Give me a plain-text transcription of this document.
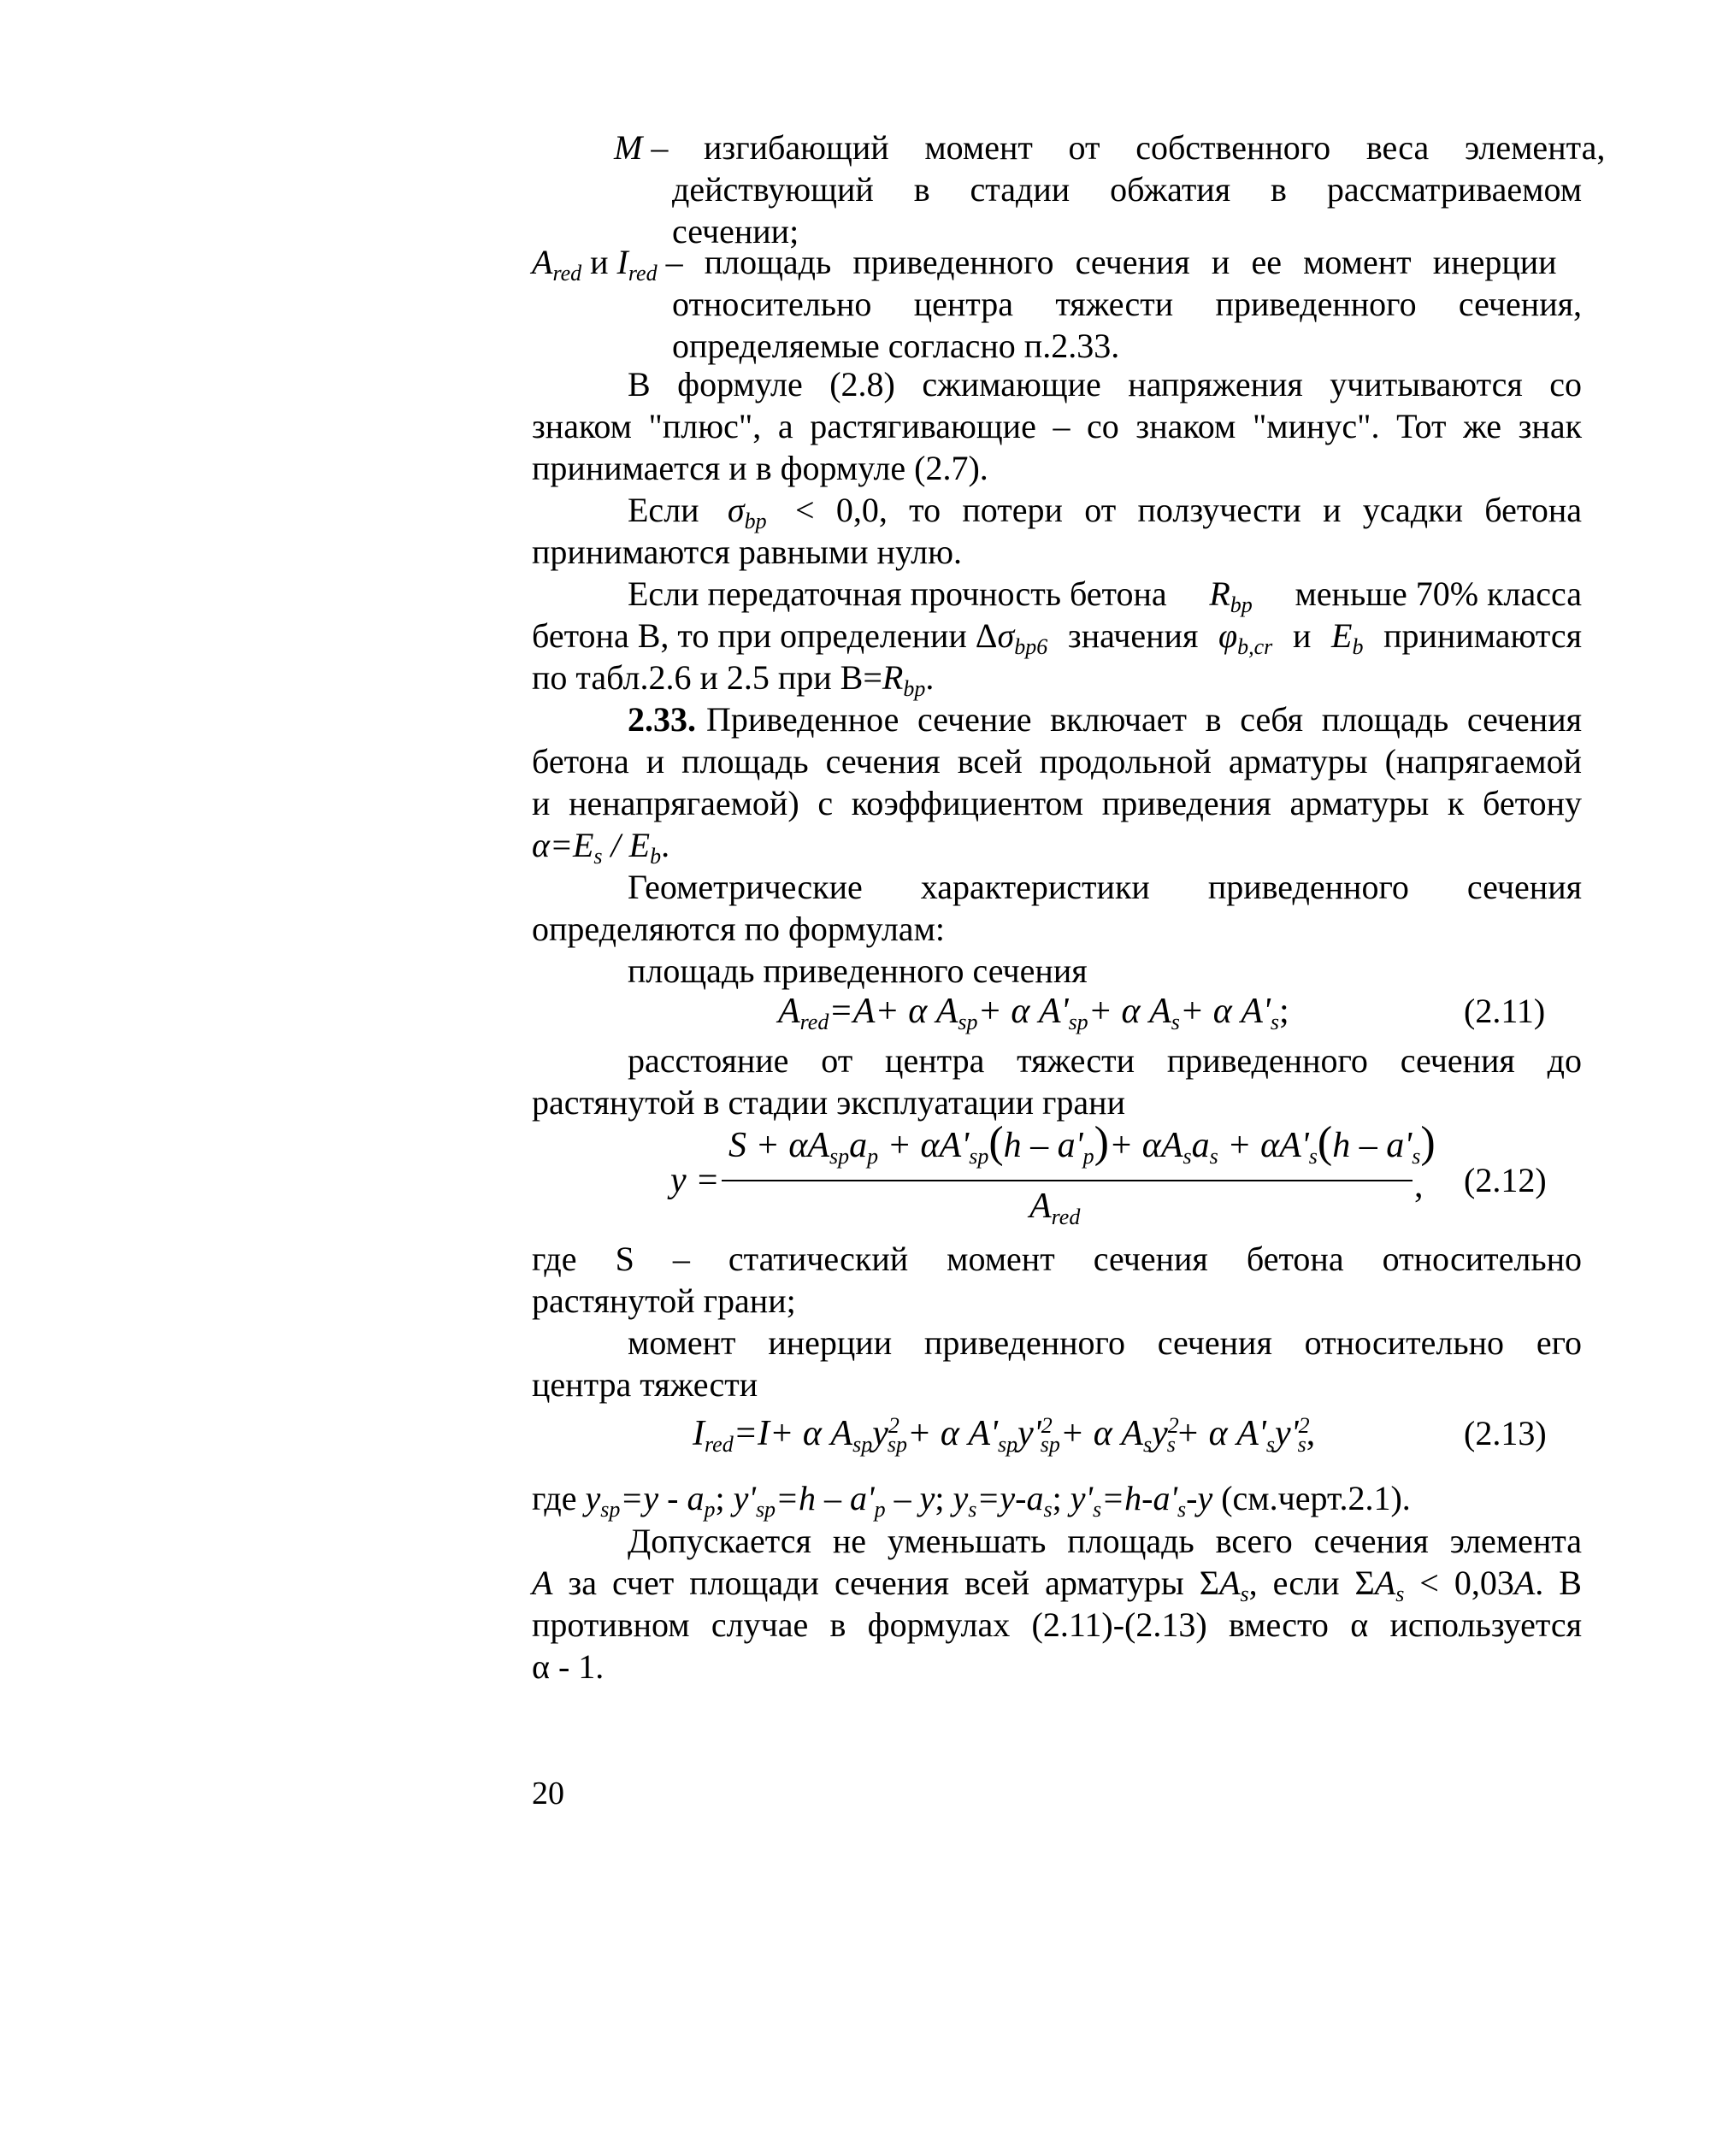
M – изгибающий момент от собственного веса элемента,
действующий в стадии обжатия в рассматриваемом
сечении;
$A_{red}$ и $I_{red}$ – площадь приведенного сечения и ее момент инерции
относительно центра тяжести приведенного сечения,
определяемые согласно п.2.33.
В формуле (2.8) сжимающие напряжения учитываются со
знаком "плюс", а растягивающие – со знаком "минус". Тот же знак
принимается и в формуле (2.7).
Если $\sigma_{bp} < 0,0$, то потери от ползучести и усадки бетона
принимаются равными нулю.
Если передаточная прочность бетона $R_{bp}$ меньше 70% класса
бетона В, то при определении $\Delta\sigma_{bp6}$ значения $\varphi_{b,cr}$ и $E_b$ принимаются
по табл.2.6 и 2.5 при $В=R_{bp}$.
2.33. Приведенное сечение включает в себя площадь сечения
бетона и площадь сечения всей продольной арматуры (напрягаемой
и ненапрягаемой) с коэффициентом приведения арматуры к бетону
$\alpha=E_s / E_b$.
Геометрические характеристики приведенного сечения
определяются по формулам:
площадь приведенного сечения
$A_{red}=A+ \alpha$ $A_{sp}+ \alpha$ $A'_{sp}+ \alpha$ $A_s+ \alpha$ $A'_s$;	(2.11)
расстояние от центра тяжести приведенного сечения до
растянутой в стадии эксплуатации грани
y =
$S + \alpha A_{sp}a_p + \alpha A'_{sp}(h - a'_p)+ \alpha A_sa_s + \alpha A'_s(h - a'_s)$
,
$A_{red}$
(2.12)
где S – статический момент сечения бетона относительно
растянутой грани;
момент инерции приведенного сечения относительно его
центра тяжести
$I_{red}=I+ \alpha$ $A_{sp}y^2_{sp}+ \alpha$ $A'_{sp}y'^2_{sp}+ \alpha$ $A_sy^2_s+ \alpha$ $A'_sy'^2_s$,	(2.13)
где $y_{sp}=y - a_p$; $y'_{sp}=h - a'_p - y$; $y_s=y-a_s$; $y'_s=h-a'_s-y$ (см.черт.2.1).
Допускается не уменьшать площадь всего сечения элемента
A за счет площади сечения всей арматуры $\Sigma A_s$, если $\Sigma A_s < 0,03A$. В
противном случае в формулах (2.11)-(2.13) вместо α используется
α - 1.
20
